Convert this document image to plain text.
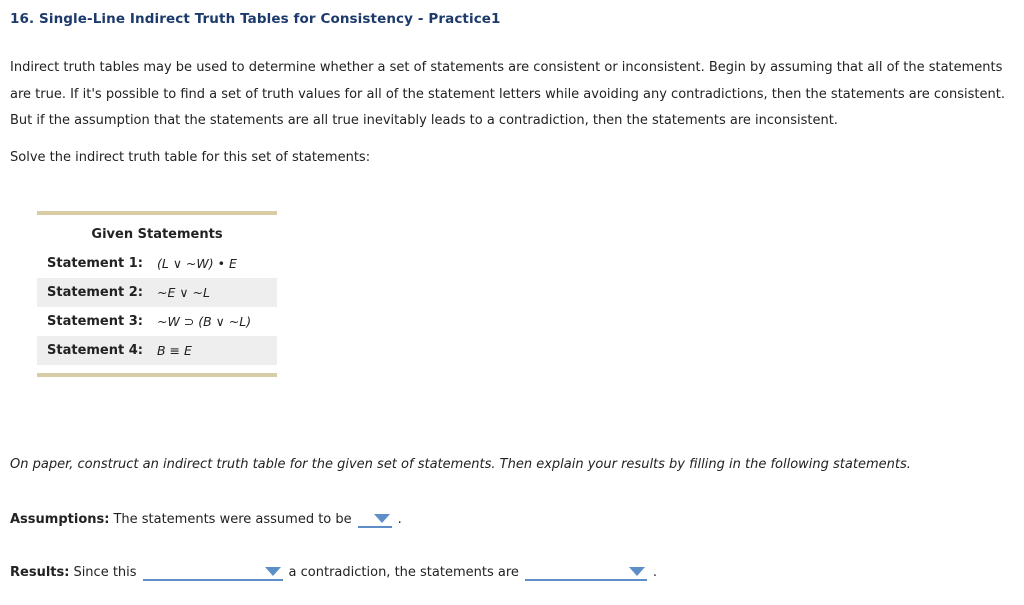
16. Single-Line Indirect Truth Tables for Consistency - Practice1

Indirect truth tables may be used to determine whether a set of statements are consistent or inconsistent. Begin by assuming that all of the statements are true. If it's possible to find a set of truth values for all of the statement letters while avoiding any contradictions, then the statements are consistent. But if the assumption that the statements are all true inevitably leads to a contradiction, then the statements are inconsistent.

Solve the indirect truth table for this set of statements:

Given Statements
Statement 1:	(L ∨ ~W) • E
Statement 2:	~E ∨ ~L
Statement 3:	~W ⊃ (B ∨ ~L)
Statement 4:	B ≡ E

On paper, construct an indirect truth table for the given set of statements. Then explain your results by filling in the following statements.

Assumptions: The statements were assumed to be	.
Results: Since this	a contradiction, the statements are	.
